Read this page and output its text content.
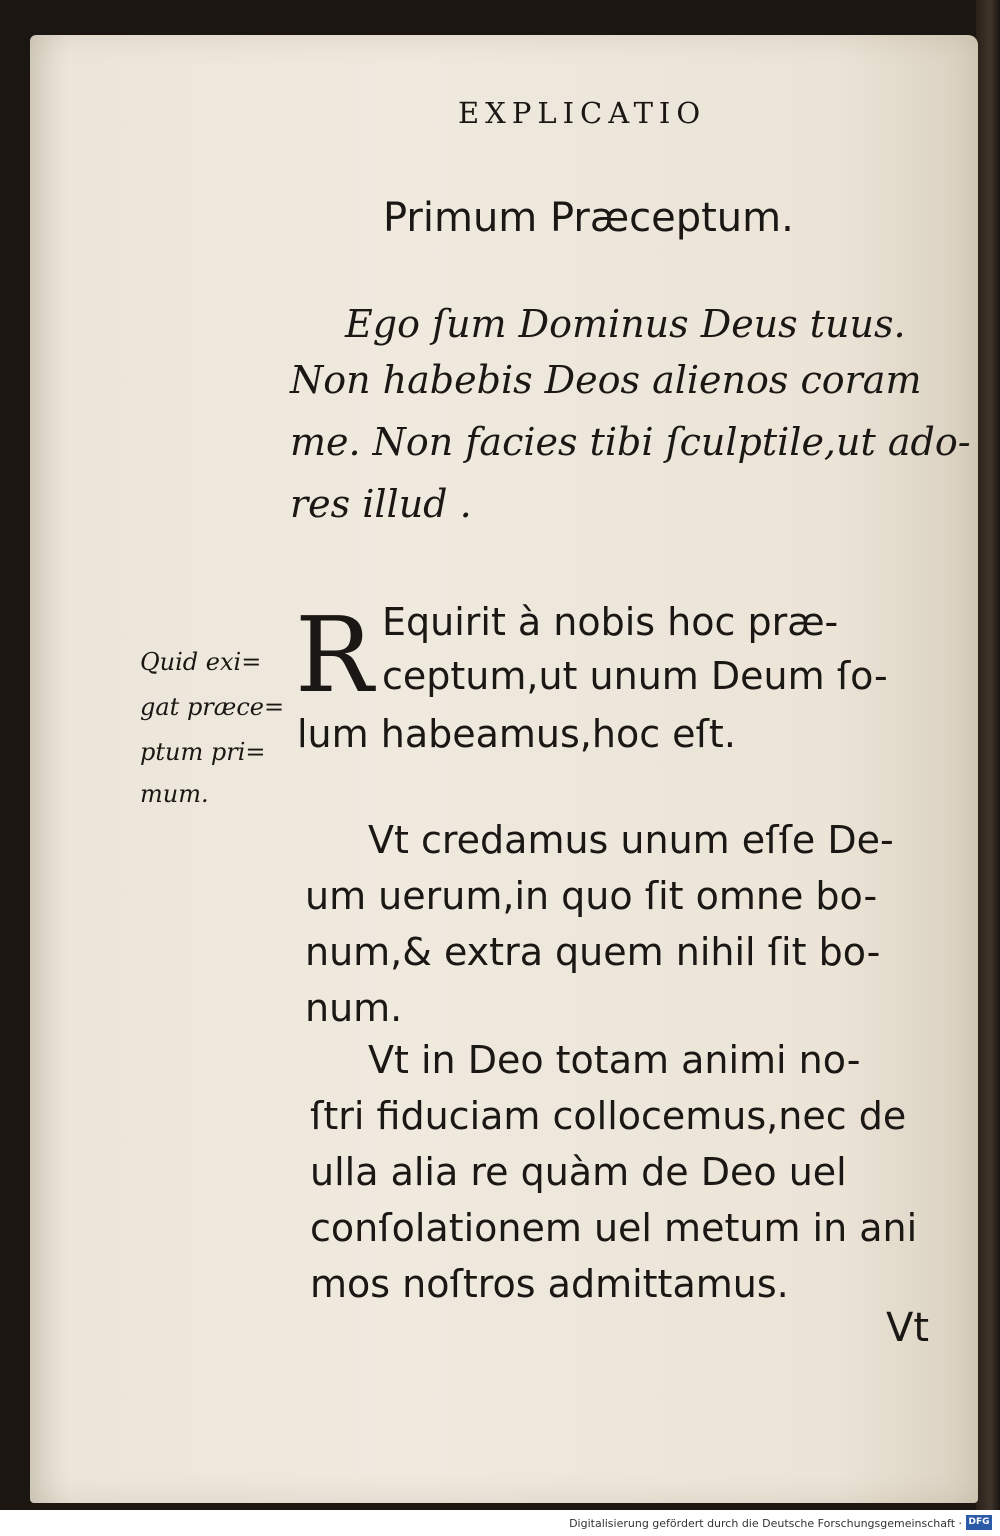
EXPLICATIO
Primum Præceptum.
Ego ſum Dominus Deus tuus.
Non habebis Deos alienos coram
me. Non facies tibi ſculptile,ut ado-
res illud .
R Equirit à nobis hoc præ-
ceptum,ut unum Deum ſo-
lum habeamus,hoc eſt.
Quid exi=
gat præce=
ptum pri=
mum.
Vt credamus unum eſſe De-
um uerum,in quo ſit omne bo-
num,& extra quem nihil ſit bo-
num.
Vt in Deo totam animi no-
ſtri fiduciam collocemus,nec de
ulla alia re quàm de Deo uel
conſolationem uel metum in ani
mos noſtros admittamus.
Vt
Digitalisierung gefördert durch die Deutsche Forschungsgemeinschaft · DFG
